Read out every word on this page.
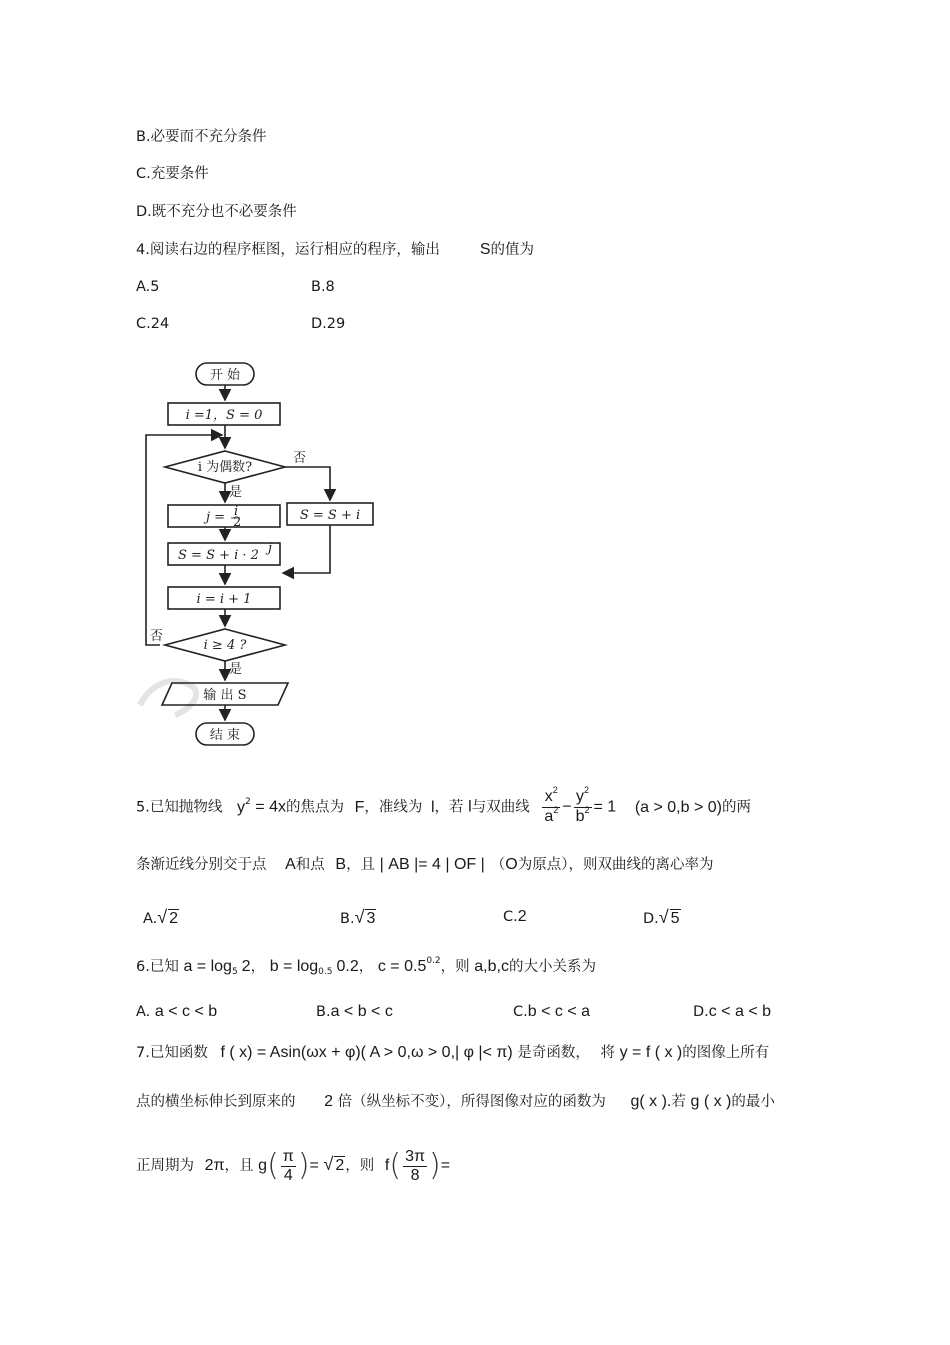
B.必要而不充分条件
C.充要条件
D.既不充分也不必要条件
4.阅读右边的程序框图，运行相应的程序，输出	S的值为
A.5	B.8
C.24	D.29
开 始
i =1，S = 0
i 为偶数?
否
是
j = i
2	S = S + i
S = S + i · 2 j
i = i + 1
i ≥ 4 ?
否
是
输 出 S
结 束
5.已知抛物线 $y^2 = 4x$的焦点为 F，准线为 l，若 l与双曲线 $\frac{x^2}{a^2} - \frac{y^2}{b^2} = 1$ (a > 0,b > 0)的两
条渐近线分别交于点 A和点 B，且 | AB |= 4 | OF | （O为原点），则双曲线的离心率为
A.√ 2	B.√ 3	C.2	D.√ 5
6.已知 $a = \log_5 2$， $b = \log_{0.5} 0.2$， $c = 0.5^{0.2}$，则 a,b,c的大小关系为
A. a < c < b	B.a < b < c	C.b < c < a	D.c < a < b
7.已知函数 f ( x) = Asin(ωx + φ)( A > 0,ω > 0,| φ |< π) 是奇函数， 将 y = f ( x )的图像上所有
点的横坐标伸长到原来的 2 倍（纵坐标不变），所得图像对应的函数为 g( x ).若 g ( x )的最小
正周期为 2π，且 $g( \frac{\pi}{4}$ )= √ 2，则 $f( \frac{3\pi}{8}$ )=
